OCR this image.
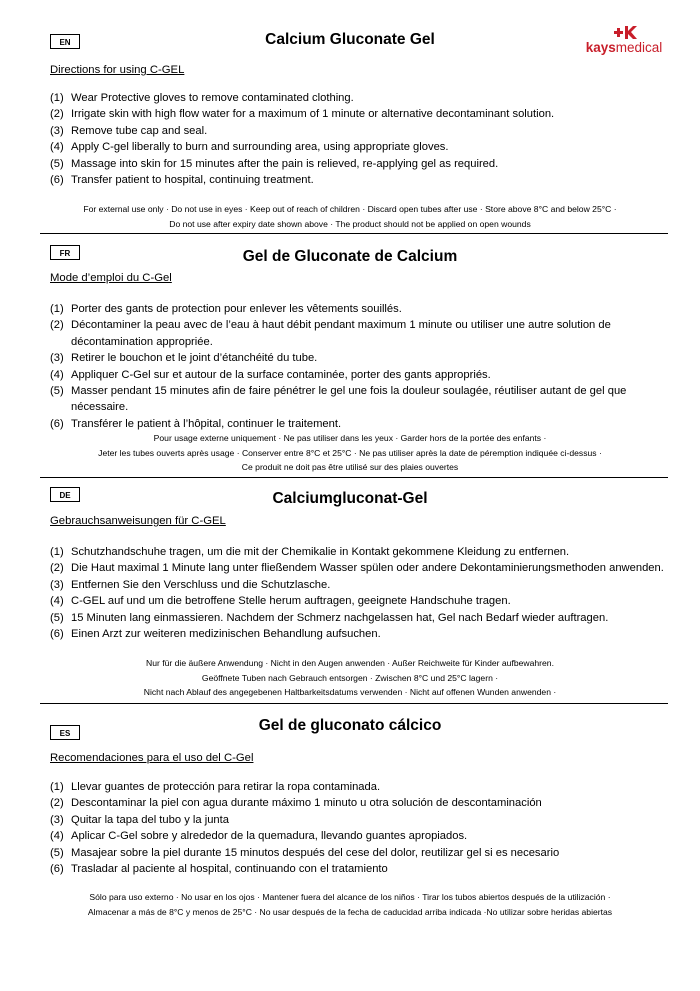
kaysmedical
EN	Calcium Gluconate Gel
Directions for using C-GEL
(1) Wear Protective gloves to remove contaminated clothing.
(2) Irrigate skin with high flow water for a maximum of 1 minute or alternative decontaminant solution.
(3) Remove tube cap and seal.
(4) Apply C-gel liberally to burn and surrounding area, using appropriate gloves.
(5) Massage into skin for 15 minutes after the pain is relieved, re-applying gel as required.
(6) Transfer patient to hospital, continuing treatment.
For external use only · Do not use in eyes · Keep out of reach of children · Discard open tubes after use · Store above 8°C and below 25°C ·
Do not use after expiry date shown above · The product should not be applied on open wounds
FR	Gel de Gluconate de Calcium
Mode d’emploi du C-Gel
(1) Porter des gants de protection pour enlever les vêtements souillés.
(2) Décontaminer la peau avec de l’eau à haut débit pendant maximum 1 minute ou utiliser une autre solution de décontamination appropriée.
(3) Retirer le bouchon et le joint d’étanchéité du tube.
(4) Appliquer C-Gel sur et autour de la surface contaminée, porter des gants appropriés.
(5) Masser pendant 15 minutes afin de faire pénétrer le gel une fois la douleur soulagée, réutiliser autant de gel que nécessaire.
(6) Transférer le patient à l’hôpital, continuer le traitement.
Pour usage externe uniquement · Ne pas utiliser dans les yeux · Garder hors de la portée des enfants ·
Jeter les tubes ouverts après usage · Conserver entre 8°C et 25°C · Ne pas utiliser après la date de péremption indiquée ci-dessus ·
Ce produit ne doit pas être utilisé sur des plaies ouvertes
DE	Calciumgluconat-Gel
Gebrauchsanweisungen für C-GEL
(1) Schutzhandschuhe tragen, um die mit der Chemikalie in Kontakt gekommene Kleidung zu entfernen.
(2) Die Haut maximal 1 Minute lang unter fließendem Wasser spülen oder andere Dekontaminierungsmethoden anwenden.
(3) Entfernen Sie den Verschluss und die Schutzlasche.
(4) C-GEL auf und um die betroffene Stelle herum auftragen, geeignete Handschuhe tragen.
(5) 15 Minuten lang einmassieren. Nachdem der Schmerz nachgelassen hat, Gel nach Bedarf wieder auftragen.
(6) Einen Arzt zur weiteren medizinischen Behandlung aufsuchen.
Nur für die äußere Anwendung · Nicht in den Augen anwenden · Außer Reichweite für Kinder aufbewahren.
Geöffnete Tuben nach Gebrauch entsorgen · Zwischen 8°C und 25°C lagern ·
Nicht nach Ablauf des angegebenen Haltbarkeitsdatums verwenden · Nicht auf offenen Wunden anwenden ·
ES	Gel de gluconato cálcico
Recomendaciones para el uso del C-Gel
(1) Llevar guantes de protección para retirar la ropa contaminada.
(2) Descontaminar la piel con agua durante máximo 1 minuto u otra solución de descontaminación
(3) Quitar la tapa del tubo y la junta
(4) Aplicar C-Gel sobre y alrededor de la quemadura, llevando guantes apropiados.
(5) Masajear sobre la piel durante 15 minutos después del cese del dolor, reutilizar gel si es necesario
(6) Trasladar al paciente al hospital, continuando con el tratamiento
Sólo para uso externo · No usar en los ojos · Mantener fuera del alcance de los niños · Tirar los tubos abiertos después de la utilización ·
Almacenar a más de 8°C y menos de 25°C · No usar después de la fecha de caducidad arriba indicada ·No utilizar sobre heridas abiertas
